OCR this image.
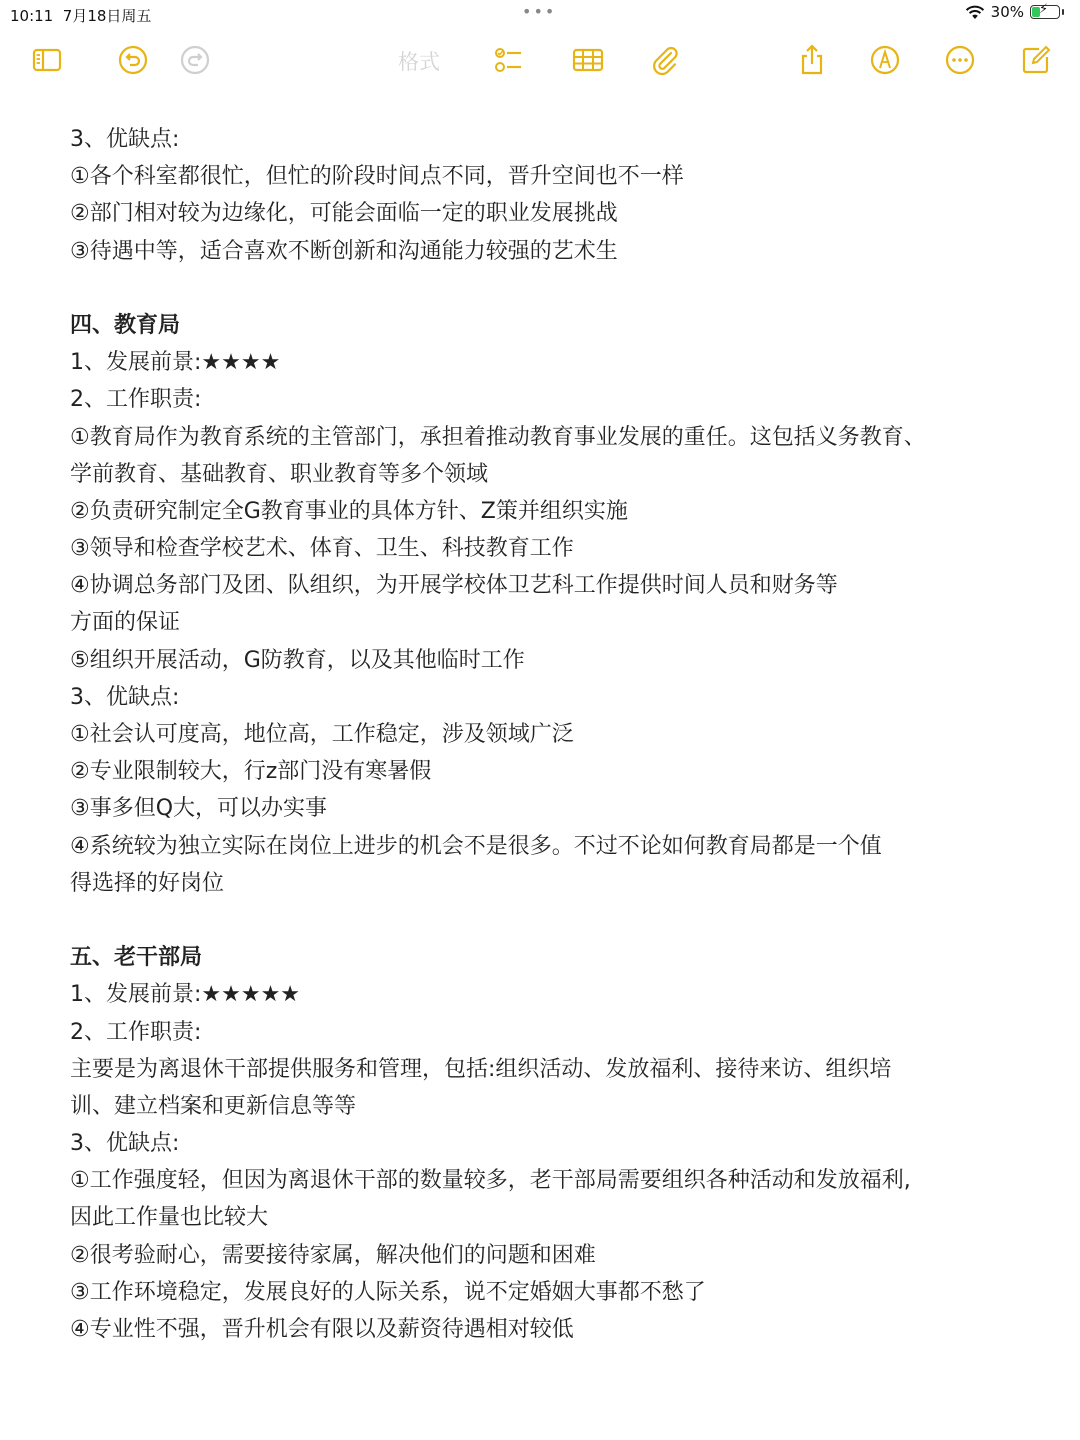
10:11 7月18日周五	•••	30% ⚡
格式
3、优缺点:
①各个科室都很忙，但忙的阶段时间点不同，晋升空间也不一样
②部门相对较为边缘化，可能会面临一定的职业发展挑战
③待遇中等，适合喜欢不断创新和沟通能力较强的艺术生
四、教育局
1、发展前景:★★★★
2、工作职责:
①教育局作为教育系统的主管部门，承担着推动教育事业发展的重任。这包括义务教育、
学前教育、基础教育、职业教育等多个领域
②负责研究制定全G教育事业的具体方针、Z策并组织实施
③领导和检查学校艺术、体育、卫生、科技教育工作
④协调总务部门及团、队组织，为开展学校体卫艺科工作提供时间人员和财务等
方面的保证
⑤组织开展活动，G防教育，以及其他临时工作
3、优缺点:
①社会认可度高，地位高，工作稳定，涉及领域广泛
②专业限制较大，行z部门没有寒暑假
③事多但Q大，可以办实事
④系统较为独立实际在岗位上进步的机会不是很多。不过不论如何教育局都是一个值
得选择的好岗位
五、老干部局
1、发展前景:★★★★★
2、工作职责:
主要是为离退休干部提供服务和管理，包括:组织活动、发放福利、接待来访、组织培
训、建立档案和更新信息等等
3、优缺点:
①工作强度轻，但因为离退休干部的数量较多，老干部局需要组织各种活动和发放福利,
因此工作量也比较大
②很考验耐心，需要接待家属，解决他们的问题和困难
③工作环境稳定，发展良好的人际关系，说不定婚姻大事都不愁了
④专业性不强，晋升机会有限以及薪资待遇相对较低
